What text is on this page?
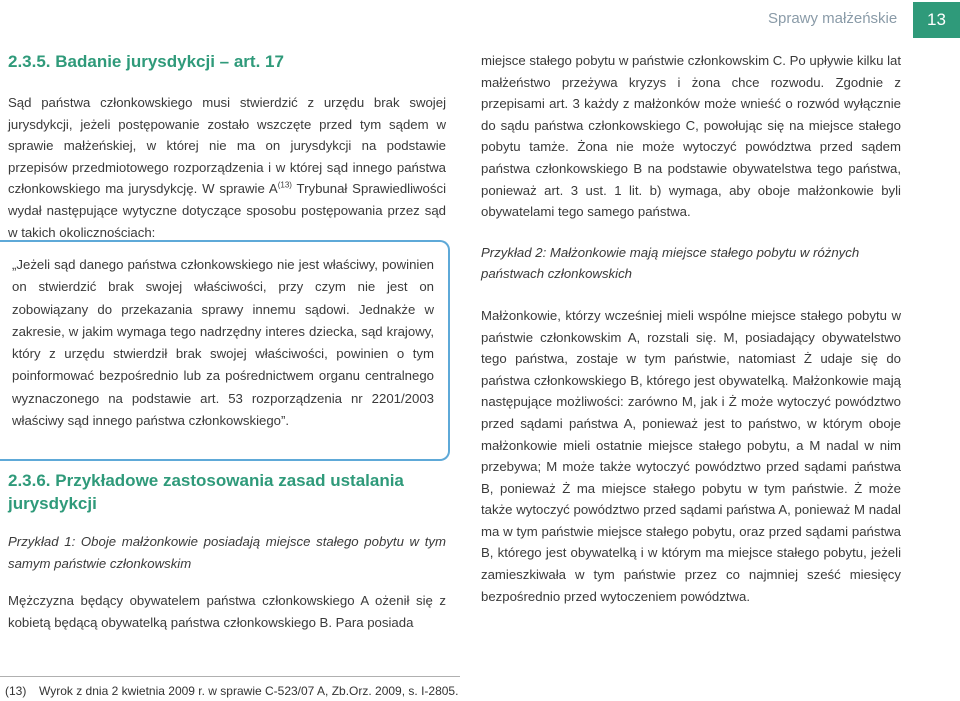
Sprawy małżeńskie	13
2.3.5. Badanie jurysdykcji – art. 17

Sąd państwa członkowskiego musi stwierdzić z urzędu brak swojej jurysdykcji, jeżeli postępowanie zostało wszczęte przed tym sądem w sprawie małżeńskiej, w której nie ma on jurysdykcji na podstawie przepisów przedmiotowego rozporządzenia i w której sąd innego państwa członkowskiego ma jurysdykcję. W sprawie $A^{(13)}$ Trybunał Sprawiedliwości wydał następujące wytyczne dotyczące sposobu postępowania przez sąd w takich okolicznościach:

„Jeżeli sąd danego państwa członkowskiego nie jest właściwy, powinien on stwierdzić brak swojej właściwości, przy czym nie jest on zobowiązany do przekazania sprawy innemu sądowi. Jednakże w zakresie, w jakim wymaga tego nadrzędny interes dziecka, sąd krajowy, który z urzędu stwierdził brak swojej właściwości, powinien o tym poinformować bezpośrednio lub za pośrednictwem organu centralnego wyznaczonego na podstawie art. 53 rozporządzenia nr 2201/2003 właściwy sąd innego państwa członkowskiego”.
2.3.6. Przykładowe zastosowania zasad ustalania jurysdykcji

Przykład 1: Oboje małżonkowie posiadają miejsce stałego pobytu w tym samym państwie członkowskim

Mężczyzna będący obywatelem państwa członkowskiego A ożenił się z kobietą będącą obywatelką państwa członkowskiego B. Para posiada

miejsce stałego pobytu w państwie członkowskim C. Po upływie kilku lat małżeństwo przeżywa kryzys i żona chce rozwodu. Zgodnie z przepisami art. 3 każdy z małżonków może wnieść o rozwód wyłącznie do sądu państwa członkowskiego C, powołując się na miejsce stałego pobytu tamże. Żona nie może wytoczyć powództwa przed sądem państwa członkowskiego B na podstawie obywatelstwa tego państwa, ponieważ art. 3 ust. 1 lit. b) wymaga, aby oboje małżonkowie byli obywatelami tego samego państwa.

Przykład 2: Małżonkowie mają miejsce stałego pobytu w różnych państwach członkowskich

Małżonkowie, którzy wcześniej mieli wspólne miejsce stałego pobytu w państwie członkowskim A, rozstali się. M, posiadający obywatelstwo tego państwa, zostaje w tym państwie, natomiast Ż udaje się do państwa członkowskiego B, którego jest obywatelką. Małżonkowie mają następujące możliwości: zarówno M, jak i Ż może wytoczyć powództwo przed sądami państwa A, ponieważ jest to państwo, w którym oboje małżonkowie mieli ostatnie miejsce stałego pobytu, a M nadal w nim przebywa; M może także wytoczyć powództwo przed sądami państwa B, ponieważ Ż ma miejsce stałego pobytu w tym państwie. Ż może także wytoczyć powództwo przed sądami państwa A, ponieważ M nadal ma w tym państwie miejsce stałego pobytu, oraz przed sądami państwa B, którego jest obywatelką i w którym ma miejsce stałego pobytu, jeżeli zamieszkiwała w tym państwie przez co najmniej sześć miesięcy bezpośrednio przed wytoczeniem powództwa.

(13) Wyrok z dnia 2 kwietnia 2009 r. w sprawie C-523/07 A, Zb.Orz. 2009, s. I-2805.
